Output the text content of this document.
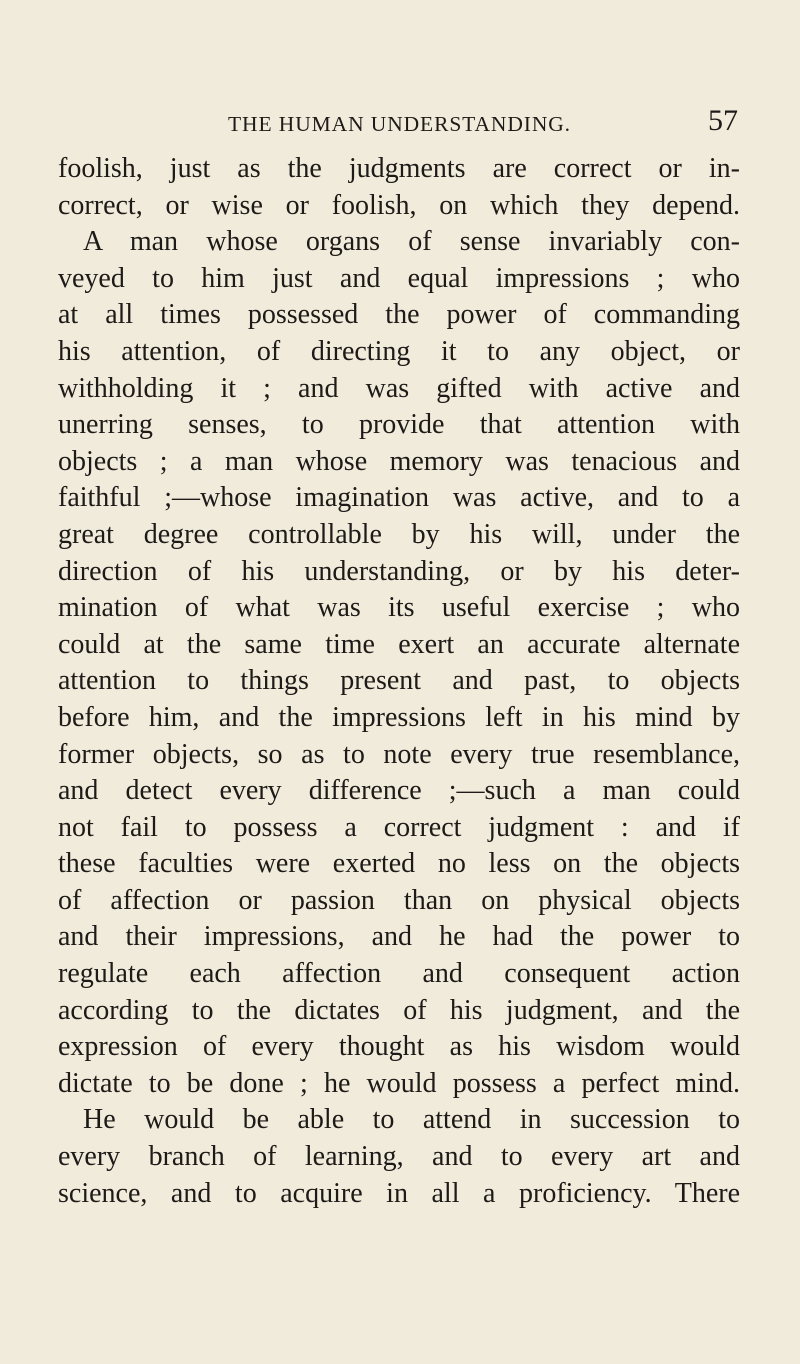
THE HUMAN UNDERSTANDING.	57
foolish, just as the judgments are correct or in-
correct, or wise or foolish, on which they depend.
A man whose organs of sense invariably con-
veyed to him just and equal impressions ; who
at all times possessed the power of commanding
his attention, of directing it to any object, or
withholding it ; and was gifted with active and
unerring senses, to provide that attention with
objects ; a man whose memory was tenacious and
faithful ;—whose imagination was active, and to a
great degree controllable by his will, under the
direction of his understanding, or by his deter-
mination of what was its useful exercise ; who
could at the same time exert an accurate alternate
attention to things present and past, to objects
before him, and the impressions left in his mind by
former objects, so as to note every true resemblance,
and detect every difference ;—such a man could
not fail to possess a correct judgment : and if
these faculties were exerted no less on the objects
of affection or passion than on physical objects
and their impressions, and he had the power to
regulate each affection and consequent action
according to the dictates of his judgment, and the
expression of every thought as his wisdom would
dictate to be done ; he would possess a perfect mind.
He would be able to attend in succession to
every branch of learning, and to every art and
science, and to acquire in all a proficiency. There
